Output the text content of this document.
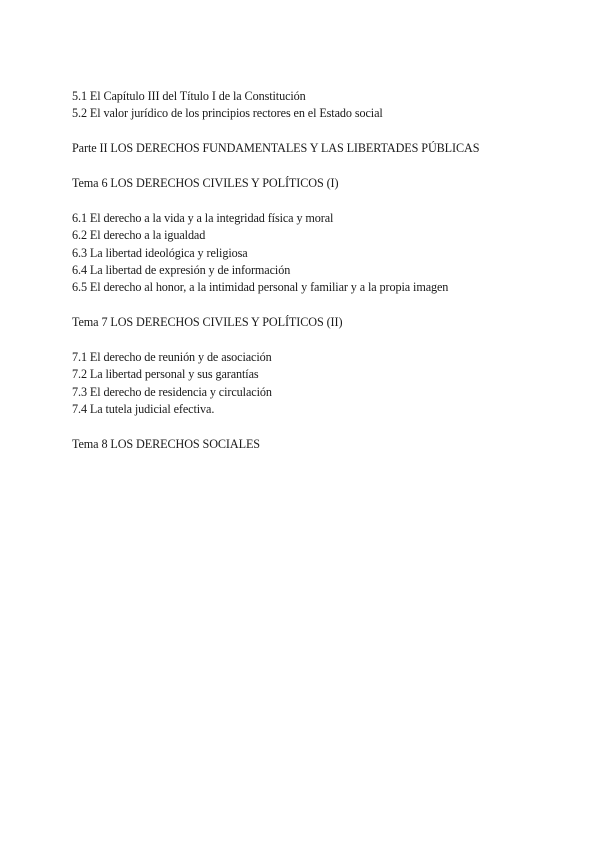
5.1 El Capítulo III del Título I de la Constitución

5.2 El valor jurídico de los principios rectores en el Estado social

Parte II LOS DERECHOS FUNDAMENTALES Y LAS LIBERTADES PÚBLICAS

Tema 6 LOS DERECHOS CIVILES Y POLÍTICOS (I)

6.1 El derecho a la vida y a la integridad física y moral

6.2 El derecho a la igualdad

6.3 La libertad ideológica y religiosa

6.4 La libertad de expresión y de información

6.5 El derecho al honor, a la intimidad personal y familiar y a la propia imagen

Tema 7 LOS DERECHOS CIVILES Y POLÍTICOS (II)

7.1 El derecho de reunión y de asociación

7.2 La libertad personal y sus garantías

7.3 El derecho de residencia y circulación

7.4 La tutela judicial efectiva.

Tema 8 LOS DERECHOS SOCIALES
